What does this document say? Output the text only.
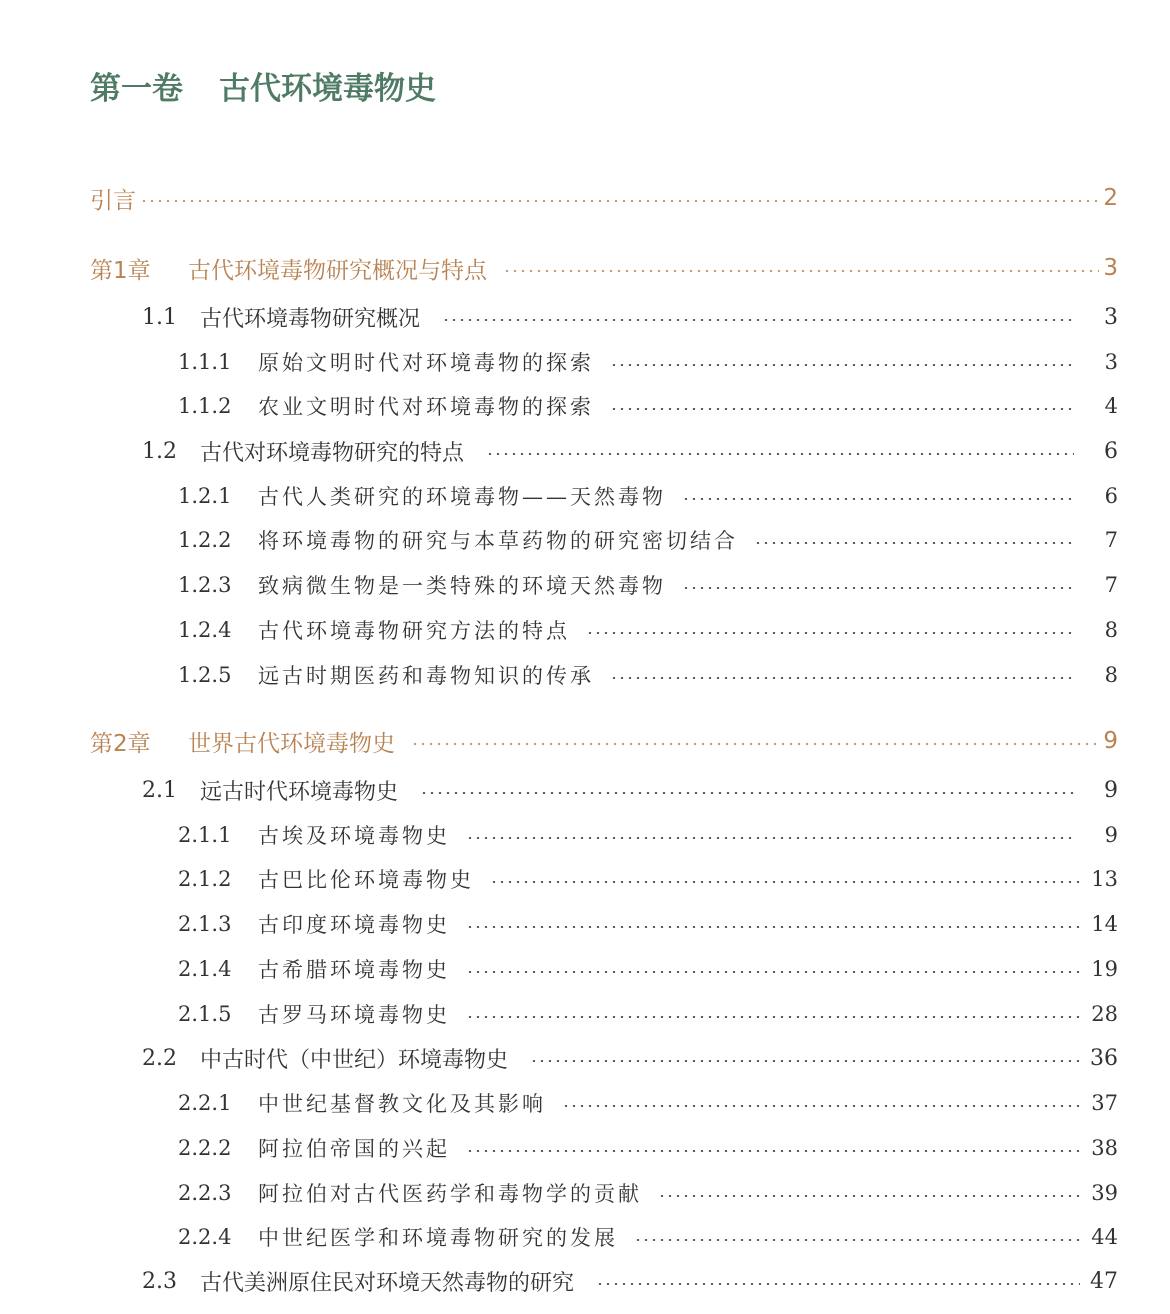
第一卷 古代环境毒物史
引言	2
第1章	古代环境毒物研究概况与特点	3
1.1	古代环境毒物研究概况	3
1.1.1	原始文明时代对环境毒物的探索	3
1.1.2	农业文明时代对环境毒物的探索	4
1.2	古代对环境毒物研究的特点	6
1.2.1	古代人类研究的环境毒物——天然毒物	6
1.2.2	将环境毒物的研究与本草药物的研究密切结合	7
1.2.3	致病微生物是一类特殊的环境天然毒物	7
1.2.4	古代环境毒物研究方法的特点	8
1.2.5	远古时期医药和毒物知识的传承	8
第2章	世界古代环境毒物史	9
2.1	远古时代环境毒物史	9
2.1.1	古埃及环境毒物史	9
2.1.2	古巴比伦环境毒物史	13
2.1.3	古印度环境毒物史	14
2.1.4	古希腊环境毒物史	19
2.1.5	古罗马环境毒物史	28
2.2	中古时代（中世纪）环境毒物史	36
2.2.1	中世纪基督教文化及其影响	37
2.2.2	阿拉伯帝国的兴起	38
2.2.3	阿拉伯对古代医药学和毒物学的贡献	39
2.2.4	中世纪医学和环境毒物研究的发展	44
2.3	古代美洲原住民对环境天然毒物的研究	47
